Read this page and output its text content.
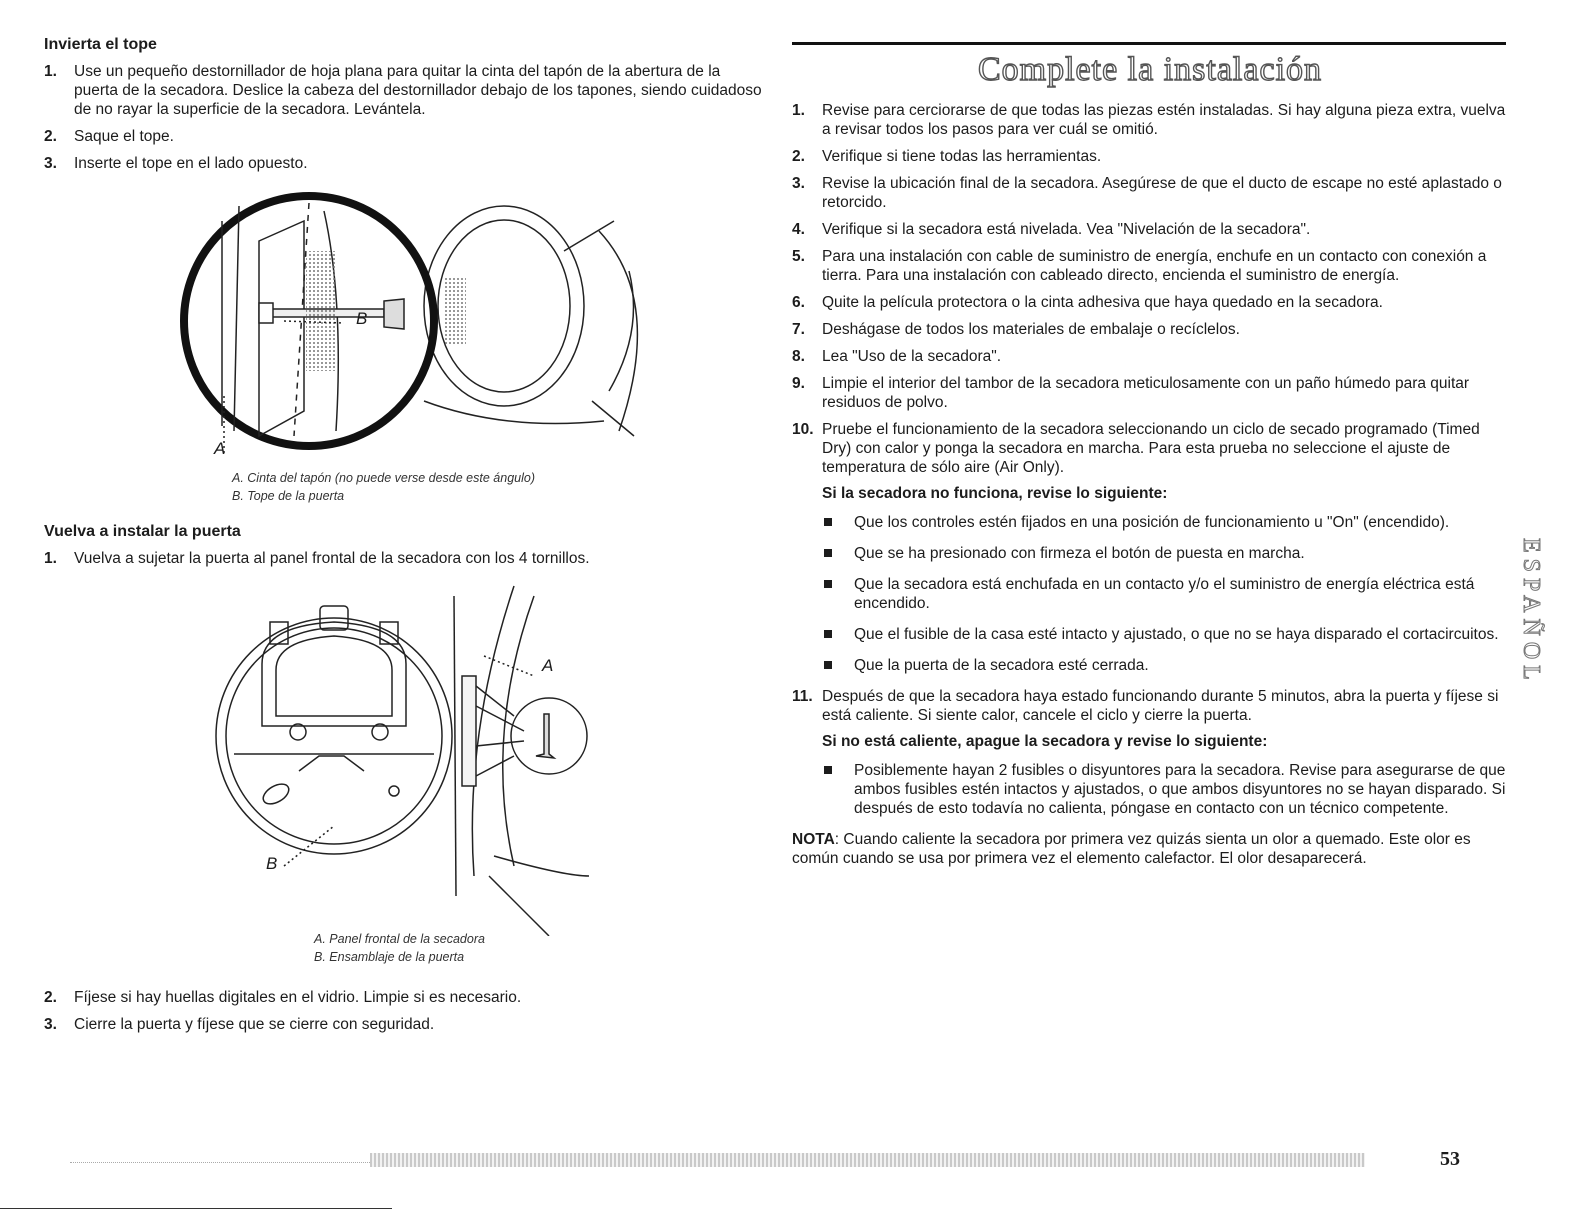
Invierta el tope
1. Use un pequeño destornillador de hoja plana para quitar la cinta del tapón de la abertura de la puerta de la secadora. Deslice la cabeza del destornillador debajo de los tapones, siendo cuidadoso de no rayar la superficie de la secadora. Levántela.
2. Saque el tope.
3. Inserte el tope en el lado opuesto.
B
A
A. Cinta del tapón (no puede verse desde este ángulo)
B. Tope de la puerta
Vuelva a instalar la puerta
1. Vuelva a sujetar la puerta al panel frontal de la secadora con los 4 tornillos.
A
B
A. Panel frontal de la secadora
B. Ensamblaje de la puerta
2. Fíjese si hay huellas digitales en el vidrio. Limpie si es necesario.
3. Cierre la puerta y fíjese que se cierre con seguridad.
Complete la instalación
1. Revise para cerciorarse de que todas las piezas estén instaladas. Si hay alguna pieza extra, vuelva a revisar todos los pasos para ver cuál se omitió.
2. Verifique si tiene todas las herramientas.
3. Revise la ubicación final de la secadora. Asegúrese de que el ducto de escape no esté aplastado o retorcido.
4. Verifique si la secadora está nivelada. Vea "Nivelación de la secadora".
5. Para una instalación con cable de suministro de energía, enchufe en un contacto con conexión a tierra. Para una instalación con cableado directo, encienda el suministro de energía.
6. Quite la película protectora o la cinta adhesiva que haya quedado en la secadora.
7. Deshágase de todos los materiales de embalaje o recíclelos.
8. Lea "Uso de la secadora".
9. Limpie el interior del tambor de la secadora meticulosamente con un paño húmedo para quitar residuos de polvo.
10. Pruebe el funcionamiento de la secadora seleccionando un ciclo de secado programado (Timed Dry) con calor y ponga la secadora en marcha. Para esta prueba no seleccione el ajuste de temperatura de sólo aire (Air Only).
Si la secadora no funciona, revise lo siguiente:
Que los controles estén fijados en una posición de funcionamiento u "On" (encendido).
Que se ha presionado con firmeza el botón de puesta en marcha.
Que la secadora está enchufada en un contacto y/o el suministro de energía eléctrica está encendido.
Que el fusible de la casa esté intacto y ajustado, o que no se haya disparado el cortacircuitos.
Que la puerta de la secadora esté cerrada.
11. Después de que la secadora haya estado funcionando durante 5 minutos, abra la puerta y fíjese si está caliente. Si siente calor, cancele el ciclo y cierre la puerta.
Si no está caliente, apague la secadora y revise lo siguiente:
Posiblemente hayan 2 fusibles o disyuntores para la secadora. Revise para asegurarse de que ambos fusibles estén intactos y ajustados, o que ambos disyuntores no se hayan disparado. Si después de esto todavía no calienta, póngase en contacto con un técnico competente.
NOTA: Cuando caliente la secadora por primera vez quizás sienta un olor a quemado. Este olor es común cuando se usa por primera vez el elemento calefactor. El olor desaparecerá.
ESPAÑOL
53
